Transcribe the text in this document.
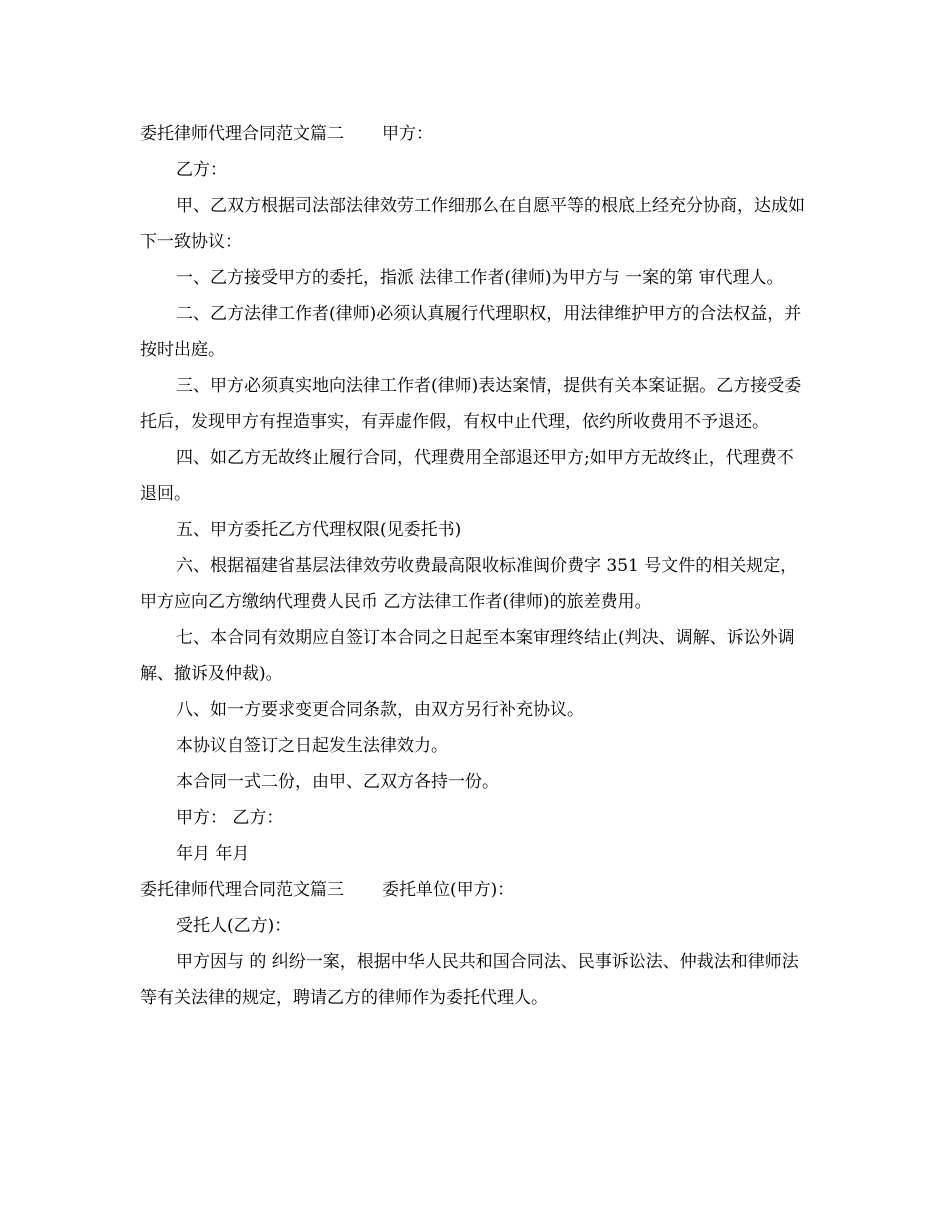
委托律师代理合同范文篇二 甲方：

乙方：

甲、乙双方根据司法部法律效劳工作细那么在自愿平等的根底上经充分协商，达成如下一致协议：

一、乙方接受甲方的委托，指派 法律工作者(律师)为甲方与 一案的第 审代理人。

二、乙方法律工作者(律师)必须认真履行代理职权，用法律维护甲方的合法权益，并按时出庭。

三、甲方必须真实地向法律工作者(律师)表达案情，提供有关本案证据。乙方接受委托后，发现甲方有捏造事实，有弄虚作假，有权中止代理，依约所收费用不予退还。

四、如乙方无故终止履行合同，代理费用全部退还甲方;如甲方无故终止，代理费不退回。

五、甲方委托乙方代理权限(见委托书)

六、根据福建省基层法律效劳收费最高限收标准闽价费字 351 号文件的相关规定，甲方应向乙方缴纳代理费人民币 乙方法律工作者(律师)的旅差费用。

七、本合同有效期应自签订本合同之日起至本案审理终结止(判决、调解、诉讼外调解、撤诉及仲裁)。

八、如一方要求变更合同条款，由双方另行补充协议。

本协议自签订之日起发生法律效力。

本合同一式二份，由甲、乙双方各持一份。

甲方： 乙方：

年月 年月

委托律师代理合同范文篇三 委托单位(甲方)：

受托人(乙方)：

甲方因与 的 纠纷一案，根据中华人民共和国合同法、民事诉讼法、仲裁法和律师法等有关法律的规定，聘请乙方的律师作为委托代理人。
